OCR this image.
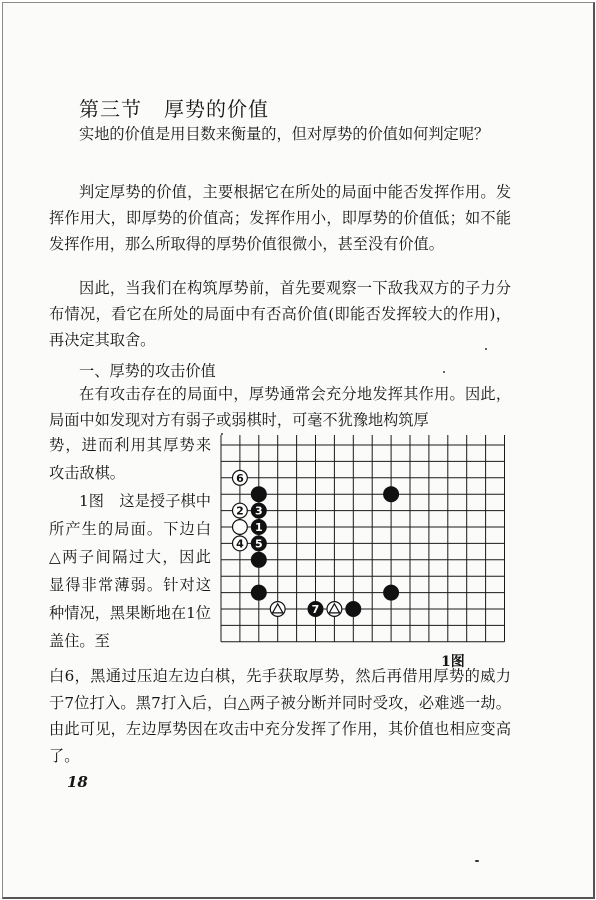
第三节 厚势的价值

实地的价值是用目数来衡量的，但对厚势的价值如何判定呢？

判定厚势的价值，主要根据它在所处的局面中能否发挥作用。发挥作用大，即厚势的价值高；发挥作用小，即厚势的价值低；如不能发挥作用，那么所取得的厚势价值很微小，甚至没有价值。

因此，当我们在构筑厚势前，首先要观察一下敌我双方的子力分布情况，看它在所处的局面中有否高价值(即能否发挥较大的作用)，再决定其取舍。

一、厚势的攻击价值

在有攻击存在的局面中，厚势通常会充分地发挥其作用。因此，局面中如发现对方有弱子或弱棋时，可毫不犹豫地构筑厚

势，进而利用其厚势来攻击敌棋。

1图　这是授子棋中所产生的局面。下边白△两子间隔过大，因此显得非常薄弱。针对这种情况，黑果断地在1位盖住。至

6
2 3
1
4 5
7
1图

白6，黑通过压迫左边白棋，先手获取厚势，然后再借用厚势的威力于7位打入。黑7打入后，白△两子被分断并同时受攻，必难逃一劫。由此可见，左边厚势因在攻击中充分发挥了作用，其价值也相应变高了。

18
